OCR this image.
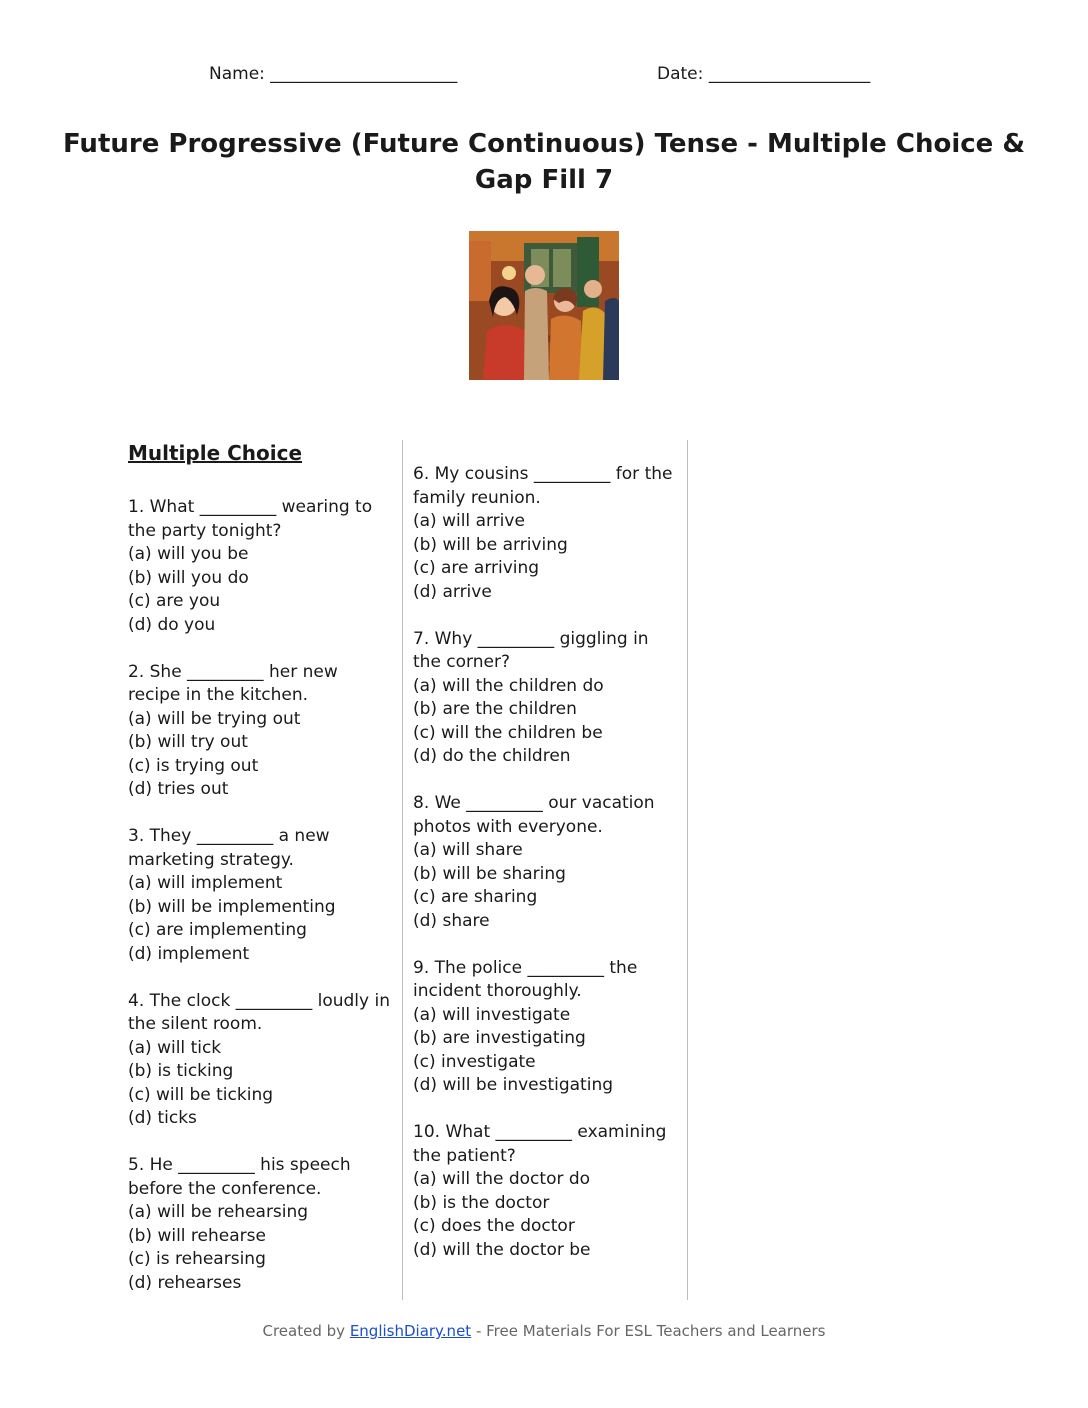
Name: ______________________	Date: ___________________
Future Progressive (Future Continuous) Tense - Multiple Choice & Gap Fill 7
Multiple Choice
1. What _________ wearing to the party tonight?
(a) will you be
(b) will you do
(c) are you
(d) do you
2. She _________ her new recipe in the kitchen.
(a) will be trying out
(b) will try out
(c) is trying out
(d) tries out
3. They _________ a new marketing strategy.
(a) will implement
(b) will be implementing
(c) are implementing
(d) implement
4. The clock _________ loudly in the silent room.
(a) will tick
(b) is ticking
(c) will be ticking
(d) ticks
5. He _________ his speech before the conference.
(a) will be rehearsing
(b) will rehearse
(c) is rehearsing
(d) rehearses
6. My cousins _________ for the family reunion.
(a) will arrive
(b) will be arriving
(c) are arriving
(d) arrive
7. Why _________ giggling in the corner?
(a) will the children do
(b) are the children
(c) will the children be
(d) do the children
8. We _________ our vacation photos with everyone.
(a) will share
(b) will be sharing
(c) are sharing
(d) share
9. The police _________ the incident thoroughly.
(a) will investigate
(b) are investigating
(c) investigate
(d) will be investigating
10. What _________ examining the patient?
(a) will the doctor do
(b) is the doctor
(c) does the doctor
(d) will the doctor be
Created by EnglishDiary.net - Free Materials For ESL Teachers and Learners
